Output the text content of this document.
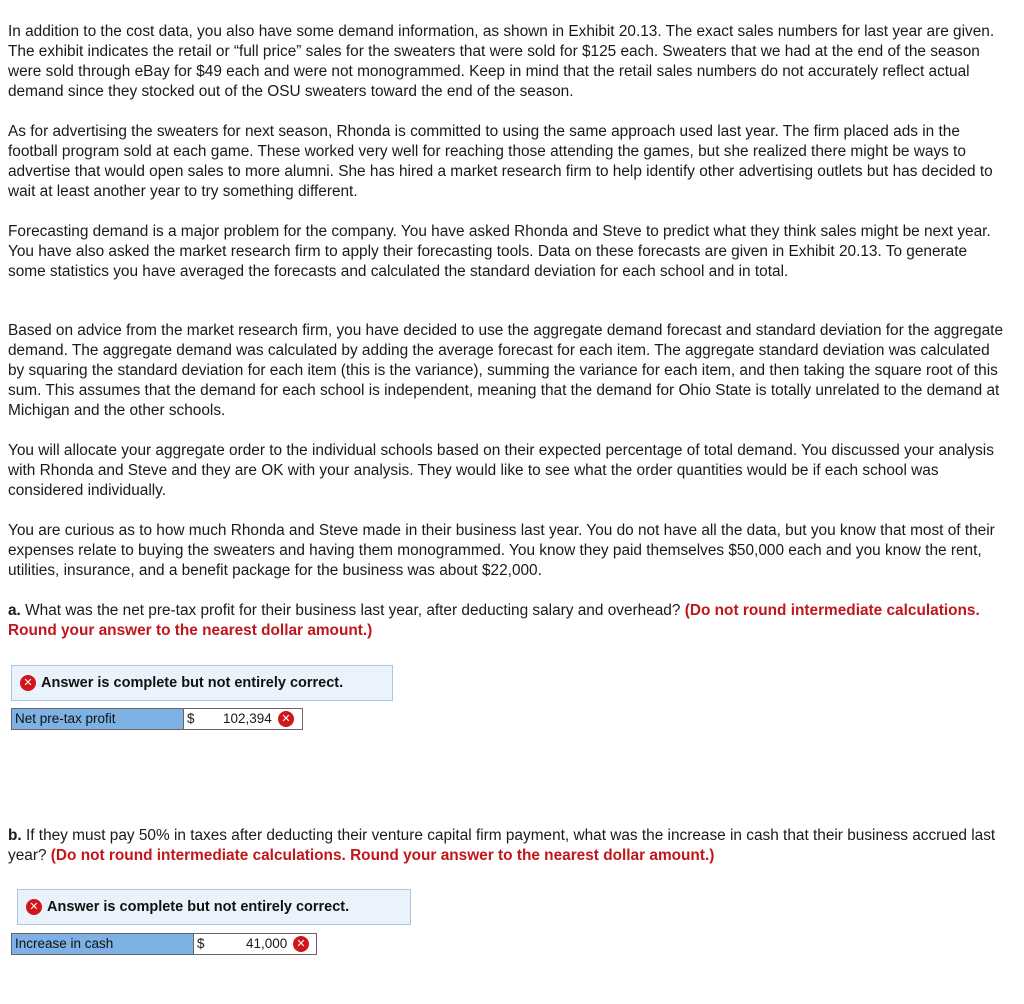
In addition to the cost data, you also have some demand information, as shown in Exhibit 20.13. The exact sales numbers for last year are given. The exhibit indicates the retail or “full price” sales for the sweaters that were sold for $125 each. Sweaters that we had at the end of the season were sold through eBay for $49 each and were not monogrammed. Keep in mind that the retail sales numbers do not accurately reflect actual demand since they stocked out of the OSU sweaters toward the end of the season.

As for advertising the sweaters for next season, Rhonda is committed to using the same approach used last year. The firm placed ads in the football program sold at each game. These worked very well for reaching those attending the games, but she realized there might be ways to advertise that would open sales to more alumni. She has hired a market research firm to help identify other advertising outlets but has decided to wait at least another year to try something different.

Forecasting demand is a major problem for the company. You have asked Rhonda and Steve to predict what they think sales might be next year. You have also asked the market research firm to apply their forecasting tools. Data on these forecasts are given in Exhibit 20.13. To generate some statistics you have averaged the forecasts and calculated the standard deviation for each school and in total.

Based on advice from the market research firm, you have decided to use the aggregate demand forecast and standard deviation for the aggregate demand. The aggregate demand was calculated by adding the average forecast for each item. The aggregate standard deviation was calculated by squaring the standard deviation for each item (this is the variance), summing the variance for each item, and then taking the square root of this sum. This assumes that the demand for each school is independent, meaning that the demand for Ohio State is totally unrelated to the demand at Michigan and the other schools.

You will allocate your aggregate order to the individual schools based on their expected percentage of total demand. You discussed your analysis with Rhonda and Steve and they are OK with your analysis. They would like to see what the order quantities would be if each school was considered individually.

You are curious as to how much Rhonda and Steve made in their business last year. You do not have all the data, but you know that most of their expenses relate to buying the sweaters and having them monogrammed. You know they paid themselves $50,000 each and you know the rent, utilities, insurance, and a benefit package for the business was about $22,000.

a. What was the net pre-tax profit for their business last year, after deducting salary and overhead? (Do not round intermediate calculations. Round your answer to the nearest dollar amount.)

✕ Answer is complete but not entirely correct.
Net pre-tax profit	$ 102,394 ✕

b. If they must pay 50% in taxes after deducting their venture capital firm payment, what was the increase in cash that their business accrued last year? (Do not round intermediate calculations. Round your answer to the nearest dollar amount.)

✕ Answer is complete but not entirely correct.
Increase in cash	$	41,000 ✕
